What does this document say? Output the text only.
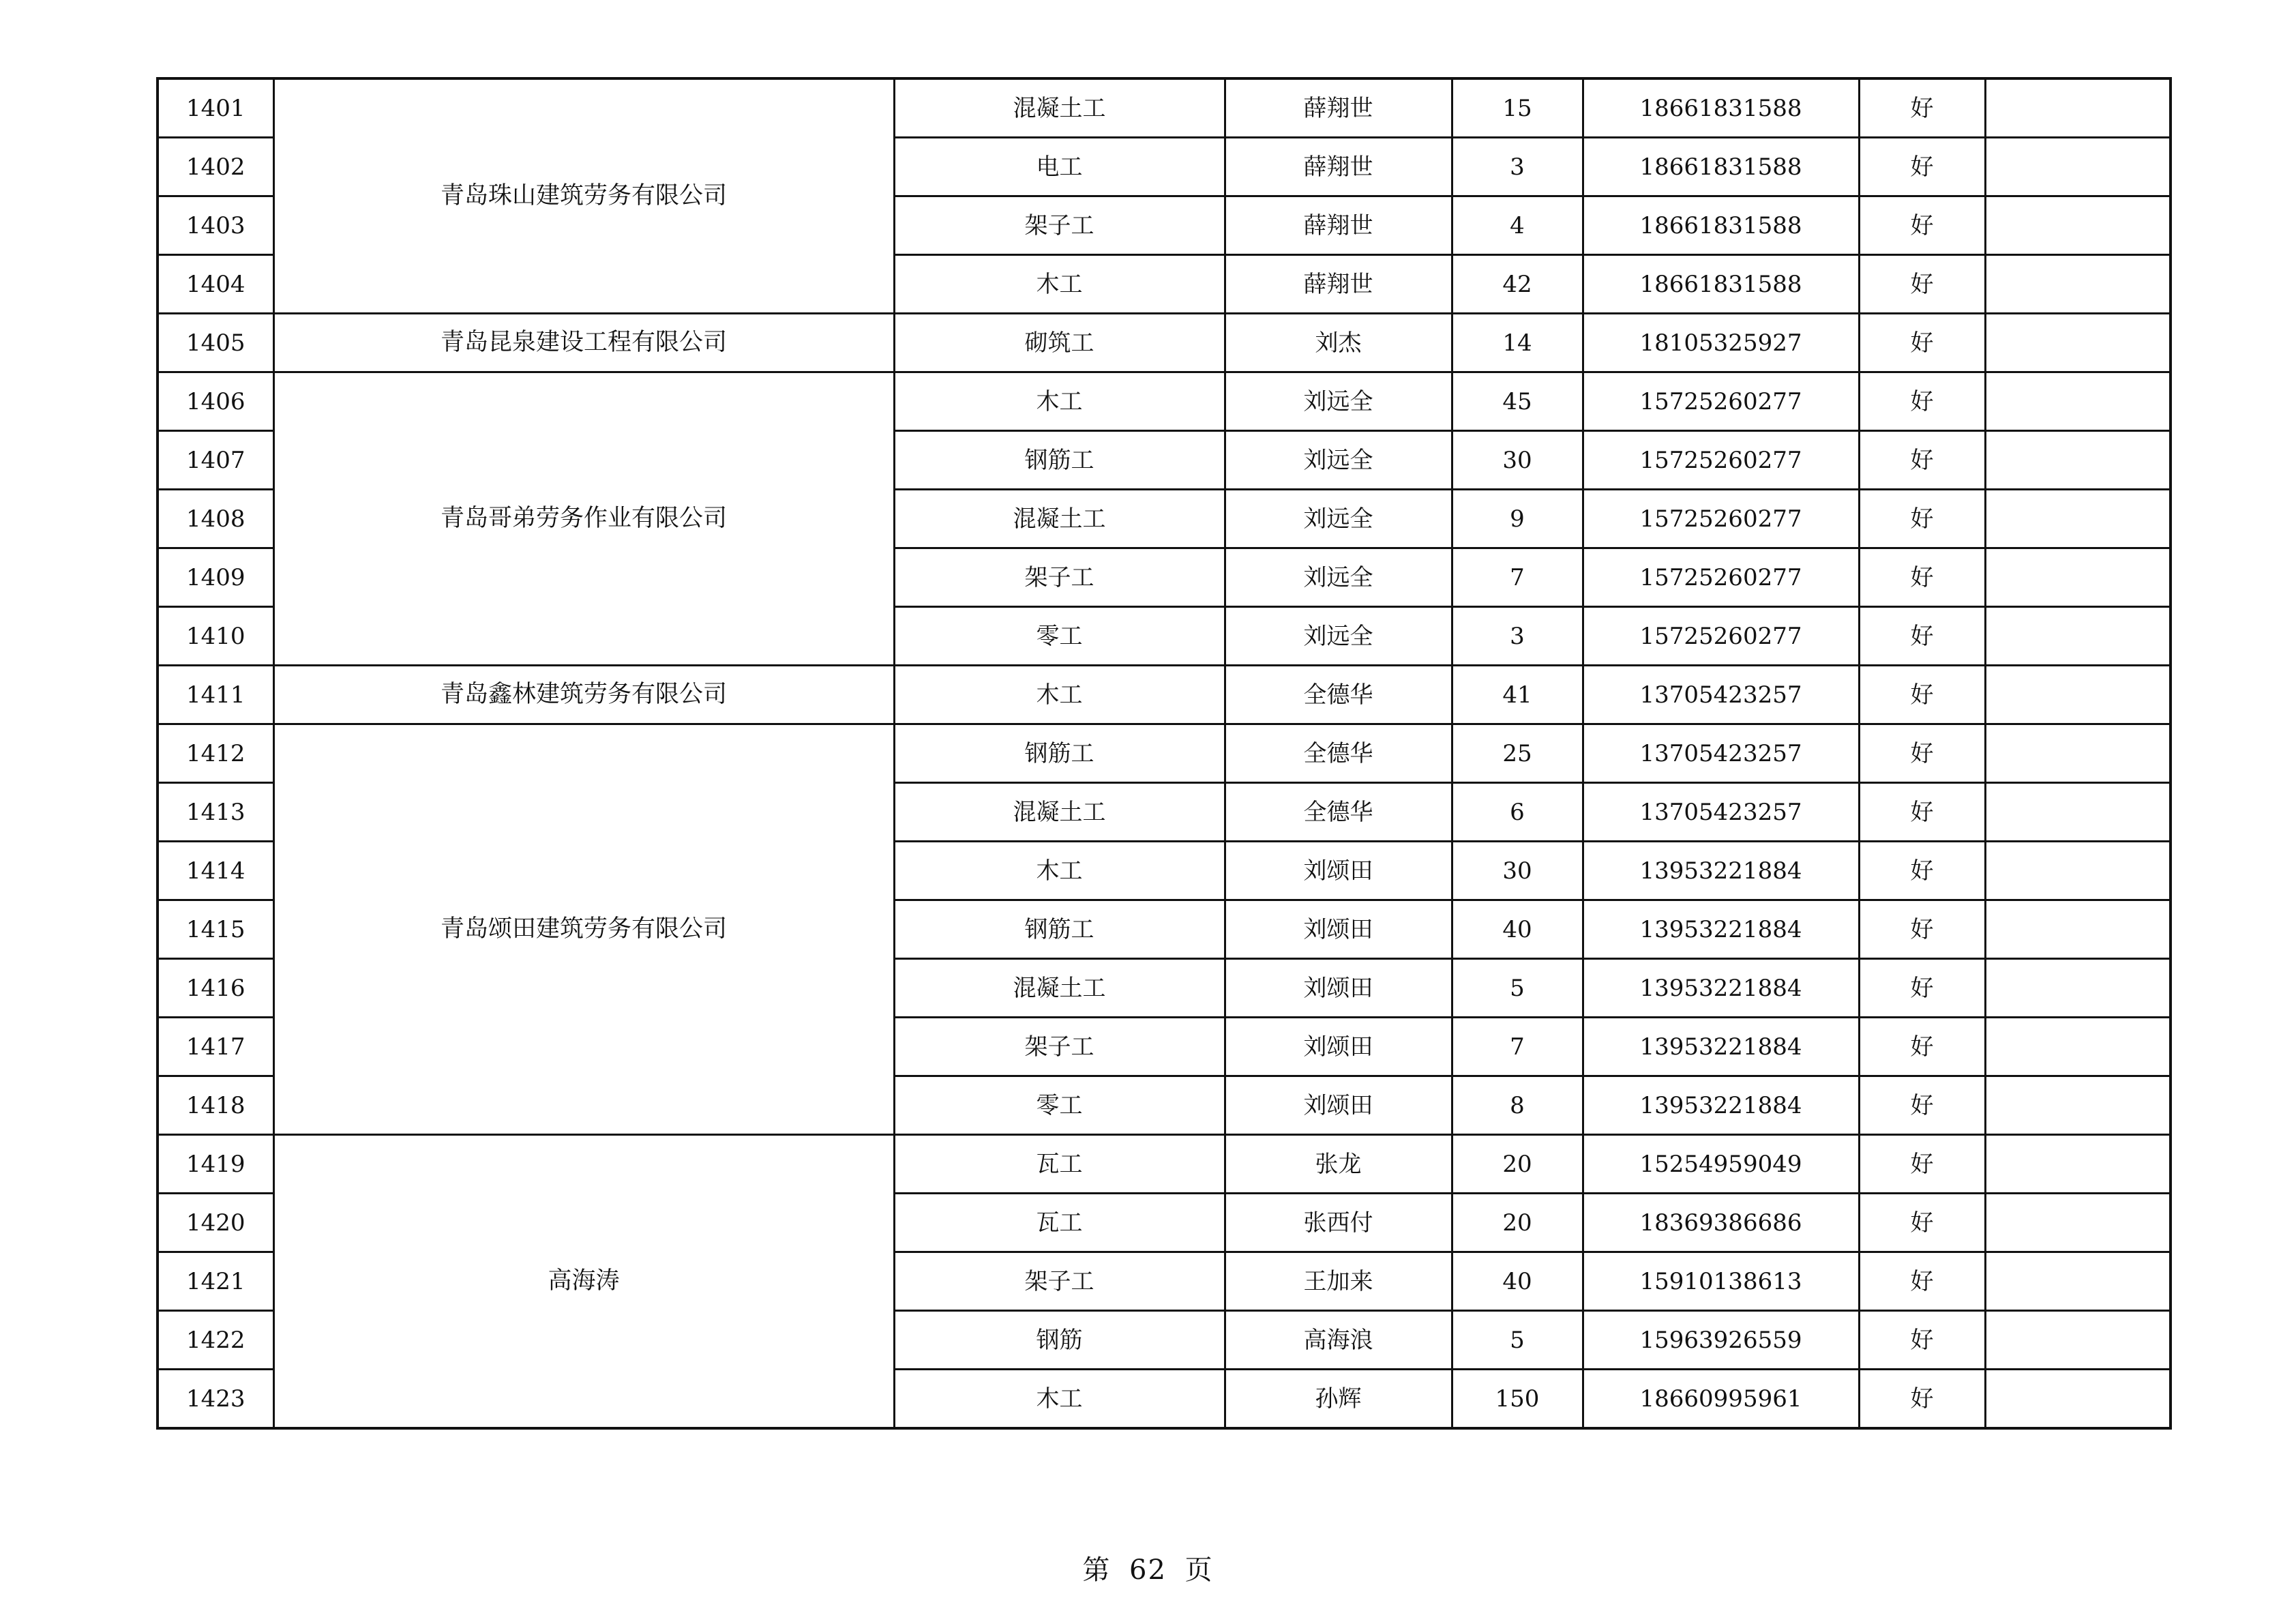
1401	青岛珠山建筑劳务有限公司	混凝土工	薛翔世	15	18661831588	好	
1402		电工	薛翔世	3	18661831588	好	
1403		架子工	薛翔世	4	18661831588	好	
1404		木工	薛翔世	42	18661831588	好	
1405	青岛昆泉建设工程有限公司	砌筑工	刘杰	14	18105325927	好	
1406	青岛哥弟劳务作业有限公司	木工	刘远全	45	15725260277	好	
1407		钢筋工	刘远全	30	15725260277	好	
1408		混凝土工	刘远全	9	15725260277	好	
1409		架子工	刘远全	7	15725260277	好	
1410		零工	刘远全	3	15725260277	好	
1411	青岛鑫林建筑劳务有限公司	木工	全德华	41	13705423257	好	
1412	青岛颂田建筑劳务有限公司	钢筋工	全德华	25	13705423257	好	
1413		混凝土工	全德华	6	13705423257	好	
1414		木工	刘颂田	30	13953221884	好	
1415		钢筋工	刘颂田	40	13953221884	好	
1416		混凝土工	刘颂田	5	13953221884	好	
1417		架子工	刘颂田	7	13953221884	好	
1418		零工	刘颂田	8	13953221884	好	
1419	高海涛	瓦工	张龙	20	15254959049	好	
1420		瓦工	张西付	20	18369386686	好	
1421		架子工	王加来	40	15910138613	好	
1422		钢筋	高海浪	5	15963926559	好	
1423		木工	孙辉	150	18660995961	好	
第 62 页
